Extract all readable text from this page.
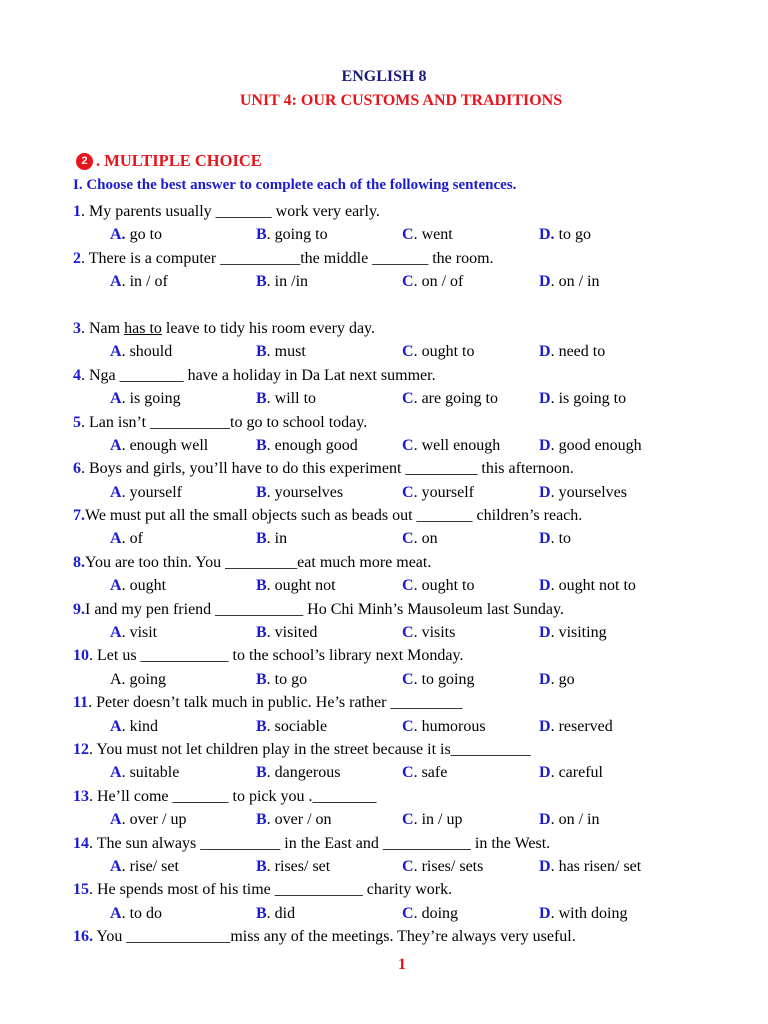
ENGLISH 8
UNIT 4: OUR CUSTOMS AND TRADITIONS
2 . MULTIPLE CHOICE
I. Choose the best answer to complete each of the following sentences.
1. My parents usually _______ work very early.
A. go to	B. going to	C. went	D. to go
2. There is a computer __________the middle _______ the room.
A. in / of	B. in /in	C. on / of	D. on / in
3. Nam has to leave to tidy his room every day.
A. should	B. must	C. ought to	D. need to
4. Nga ________ have a holiday in Da Lat next summer.
A. is going	B. will to	C. are going to	D. is going to
5. Lan isn’t __________to go to school today.
A. enough well	B. enough good	C. well enough D. good enough
6. Boys and girls, you’ll have to do this experiment _________ this afternoon.
A. yourself	B. yourselves	C. yourself	D. yourselves
7.We must put all the small objects such as beads out _______ children’s reach.
A. of	B. in	C. on	D. to
8.You are too thin. You _________eat much more meat.
A. ought	B. ought not	C. ought to	D. ought not to
9.I and my pen friend ___________ Ho Chi Minh’s Mausoleum last Sunday.
A. visit	B. visited	C. visits	D. visiting
10. Let us ___________ to the school’s library next Monday.
A. going	B. to go	C. to going	D. go
11. Peter doesn’t talk much in public. He’s rather _________
A. kind	B. sociable	C. humorous	D. reserved
12. You must not let children play in the street because it is__________
A. suitable	B. dangerous	C. safe	D. careful
13. He’ll come _______ to pick you .________
A. over / up	B. over / on	C. in / up	D. on / in
14. The sun always __________ in the East and ___________ in the West.
A. rise/ set	B. rises/ set	C. rises/ sets	D. has risen/ set
15. He spends most of his time ___________ charity work.
A. to do	B. did	C. doing	D. with doing
16. You _____________miss any of the meetings. They’re always very useful.
1
